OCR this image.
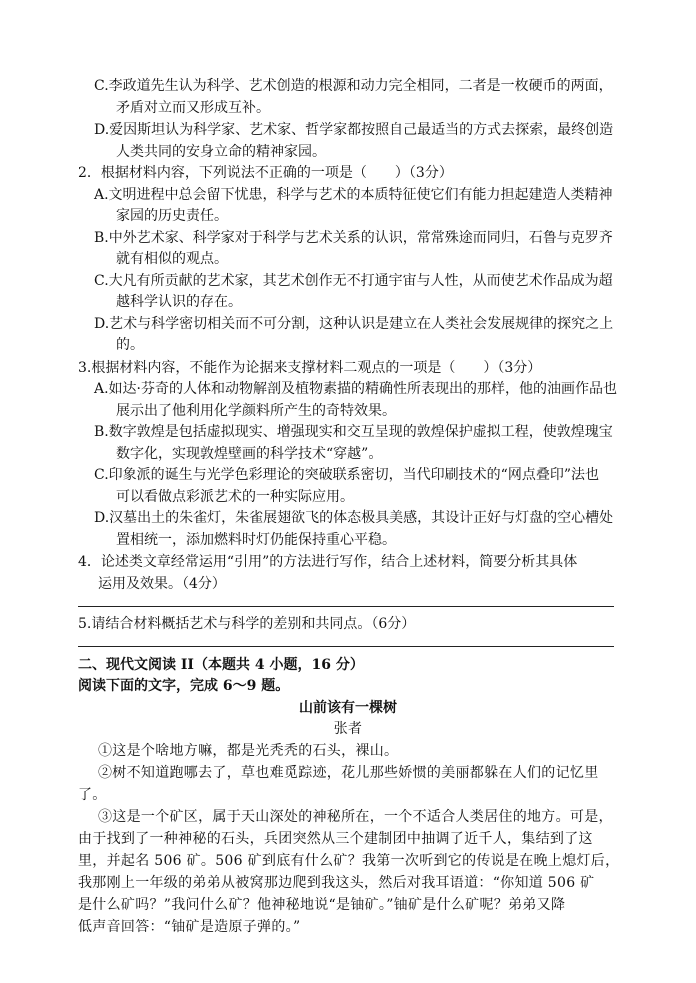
C.李政道先生认为科学、艺术创造的根源和动力完全相同，二者是一枚硬币的两面，
矛盾对立而又形成互补。
D.爱因斯坦认为科学家、艺术家、哲学家都按照自己最适当的方式去探索，最终创造
人类共同的安身立命的精神家园。
2．根据材料内容，下列说法不正确的一项是（　　）（3分）
A.文明进程中总会留下忧患，科学与艺术的本质特征使它们有能力担起建造人类精神
家园的历史责任。
B.中外艺术家、科学家对于科学与艺术关系的认识，常常殊途而同归，石鲁与克罗齐
就有相似的观点。
C.大凡有所贡献的艺术家，其艺术创作无不打通宇宙与人性，从而使艺术作品成为超
越科学认识的存在。
D.艺术与科学密切相关而不可分割，这种认识是建立在人类社会发展规律的探究之上
的。
3.根据材料内容，不能作为论据来支撑材料二观点的一项是（　　）（3分）
A.如达·芬奇的人体和动物解剖及植物素描的精确性所表现出的那样，他的油画作品也
展示出了他利用化学颜料所产生的奇特效果。
B.数字敦煌是包括虚拟现实、增强现实和交互呈现的敦煌保护虚拟工程，使敦煌瑰宝
数字化，实现敦煌壁画的科学技术“穿越”。
C.印象派的诞生与光学色彩理论的突破联系密切，当代印刷技术的“网点叠印”法也
可以看做点彩派艺术的一种实际应用。
D.汉墓出土的朱雀灯，朱雀展翅欲飞的体态极具美感，其设计正好与灯盘的空心槽处
置相统一，添加燃料时灯仍能保持重心平稳。
4．论述类文章经常运用“引用”的方法进行写作，结合上述材料，简要分析其具体
运用及效果。（4分）
5.请结合材料概括艺术与科学的差别和共同点。（6分）
二、现代文阅读 II（本题共 4 小题，16 分）
阅读下面的文字，完成 6～9 题。
山前该有一棵树
张者
①这是个啥地方嘛，都是光秃秃的石头，裸山。
②树不知道跑哪去了，草也难觅踪迹，花儿那些娇惯的美丽都躲在人们的记忆里
了。
③这是一个矿区，属于天山深处的神秘所在，一个不适合人类居住的地方。可是，
由于找到了一种神秘的石头，兵团突然从三个建制团中抽调了近千人，集结到了这
里，并起名 506 矿。506 矿到底有什么矿？我第一次听到它的传说是在晚上熄灯后，
我那刚上一年级的弟弟从被窝那边爬到我这头，然后对我耳语道：“你知道 506 矿
是什么矿吗？”我问什么矿？他神秘地说“是铀矿。”铀矿是什么矿呢？弟弟又降
低声音回答：“铀矿是造原子弹的。”
